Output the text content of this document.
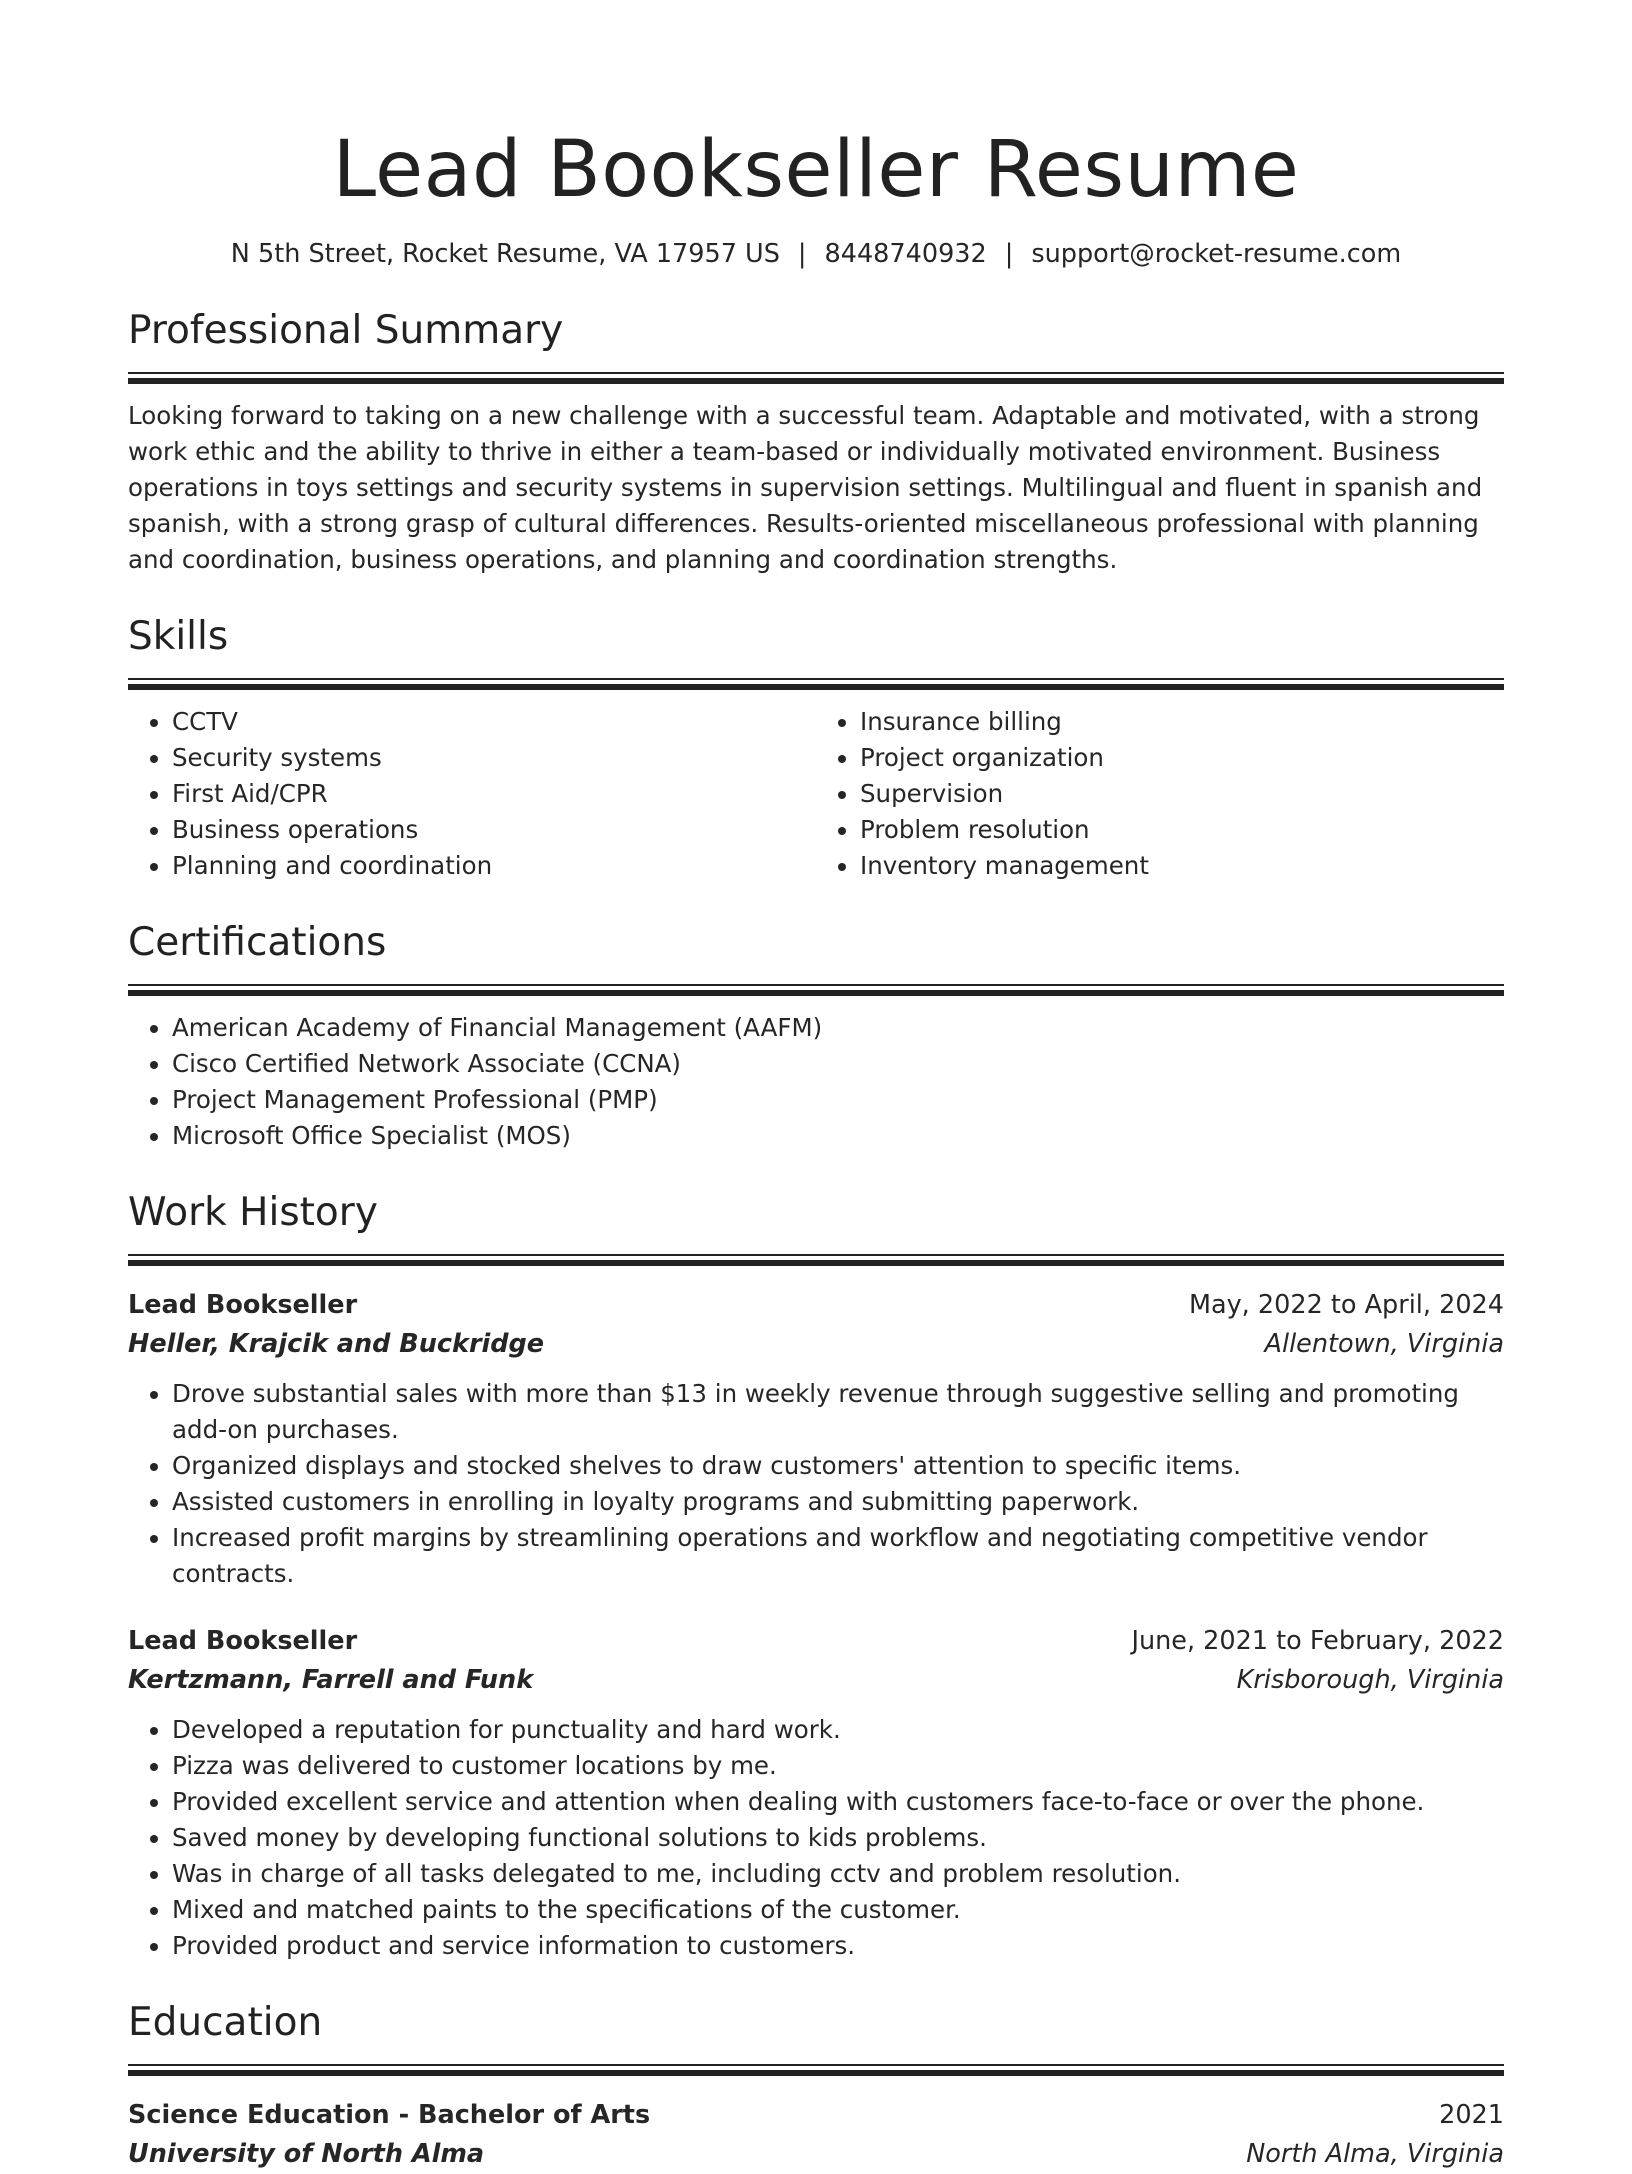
Lead Bookseller Resume
N 5th Street, Rocket Resume, VA 17957 US | 8448740932 | support@rocket-resume.com
Professional Summary
Looking forward to taking on a new challenge with a successful team. Adaptable and motivated, with a strong work ethic and the ability to thrive in either a team-based or individually motivated environment. Business operations in toys settings and security systems in supervision settings. Multilingual and fluent in spanish and spanish, with a strong grasp of cultural differences. Results-oriented miscellaneous professional with planning and coordination, business operations, and planning and coordination strengths.
Skills
• CCTV
• Security systems
• First Aid/CPR
• Business operations
• Planning and coordination
• Insurance billing
• Project organization
• Supervision
• Problem resolution
• Inventory management
Certifications
• American Academy of Financial Management (AAFM)
• Cisco Certified Network Associate (CCNA)
• Project Management Professional (PMP)
• Microsoft Office Specialist (MOS)
Work History
Lead Bookseller	May, 2022 to April, 2024
Heller, Krajcik and Buckridge	Allentown, Virginia
• Drove substantial sales with more than $13 in weekly revenue through suggestive selling and promoting add-on purchases.
• Organized displays and stocked shelves to draw customers' attention to specific items.
• Assisted customers in enrolling in loyalty programs and submitting paperwork.
• Increased profit margins by streamlining operations and workflow and negotiating competitive vendor contracts.
Lead Bookseller	June, 2021 to February, 2022
Kertzmann, Farrell and Funk	Krisborough, Virginia
• Developed a reputation for punctuality and hard work.
• Pizza was delivered to customer locations by me.
• Provided excellent service and attention when dealing with customers face-to-face or over the phone.
• Saved money by developing functional solutions to kids problems.
• Was in charge of all tasks delegated to me, including cctv and problem resolution.
• Mixed and matched paints to the specifications of the customer.
• Provided product and service information to customers.
Education
Science Education - Bachelor of Arts	2021
University of North Alma	North Alma, Virginia
